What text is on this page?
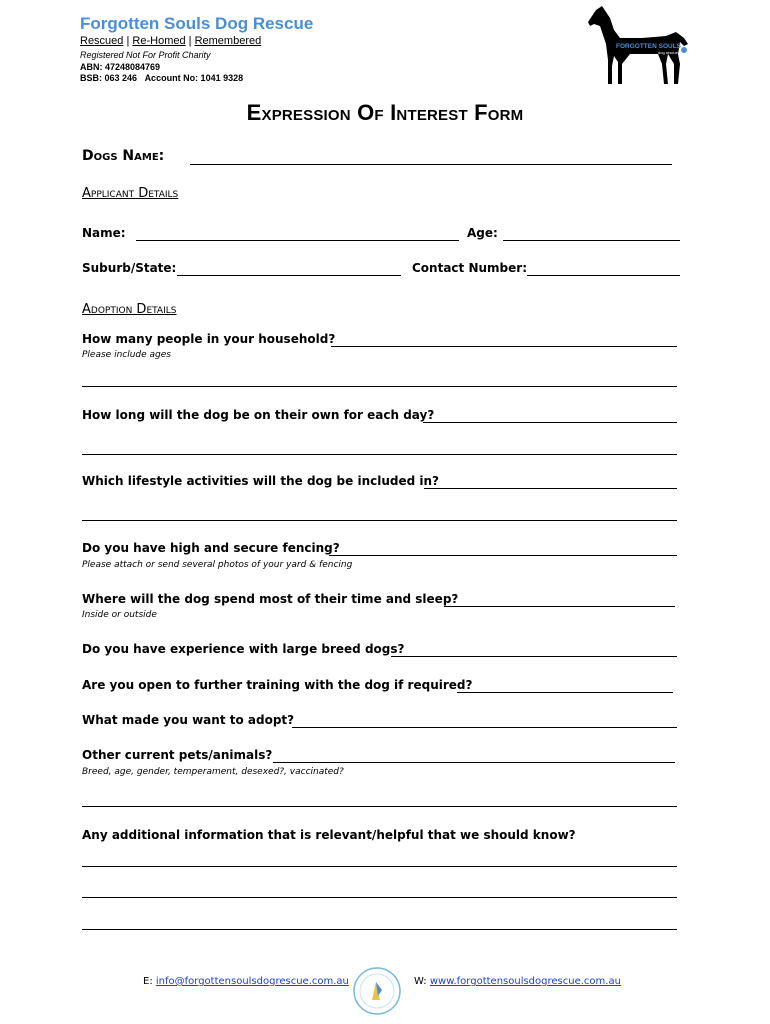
Forgotten Souls Dog Rescue
Rescued | Re-Homed | Remembered
Registered Not For Profit Charity
ABN: 47248084769
BSB: 063 246 Account No: 1041 9328
FORGOTTEN SOULS
dog rescue
Expression Of Interest Form
Dogs Name:
Applicant Details
Name:	Age:
Suburb/State:	Contact Number:
Adoption Details
How many people in your household?
Please include ages
How long will the dog be on their own for each day?
Which lifestyle activities will the dog be included in?
Do you have high and secure fencing?
Please attach or send several photos of your yard & fencing
Where will the dog spend most of their time and sleep?
Inside or outside
Do you have experience with large breed dogs?
Are you open to further training with the dog if required?
What made you want to adopt?
Other current pets/animals?
Breed, age, gender, temperament, desexed?, vaccinated?
Any additional information that is relevant/helpful that we should know?
E: info@forgottensoulsdogrescue.com.au	W: www.forgottensoulsdogrescue.com.au
